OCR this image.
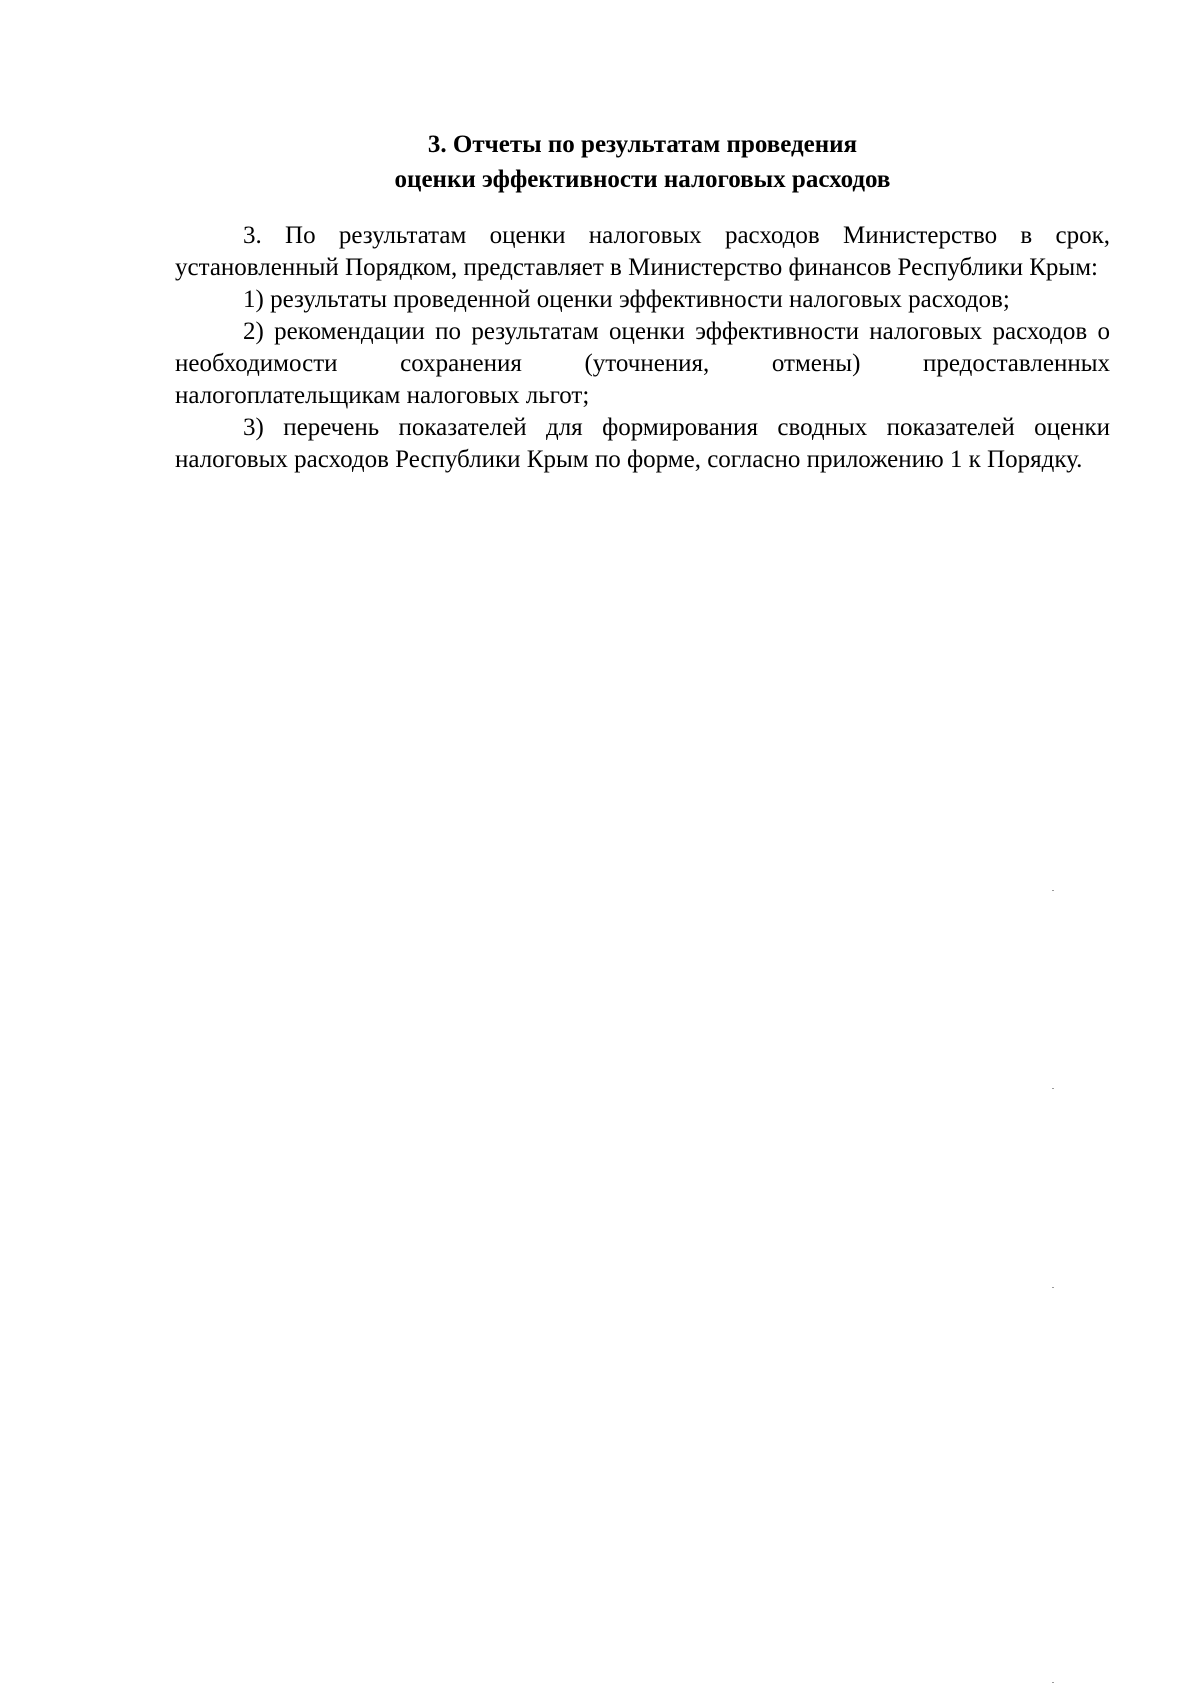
3. Отчеты по результатам проведения
оценки эффективности налоговых расходов

3. По результатам оценки налоговых расходов Министерство в срок, установленный Порядком, представляет в Министерство финансов Республики Крым:

1) результаты проведенной оценки эффективности налоговых расходов;

2) рекомендации по результатам оценки эффективности налоговых расходов о необходимости сохранения (уточнения, отмены) предоставленных налогоплательщикам налоговых льгот;

3) перечень показателей для формирования сводных показателей оценки налоговых расходов Республики Крым по форме, согласно приложению 1 к Порядку.
